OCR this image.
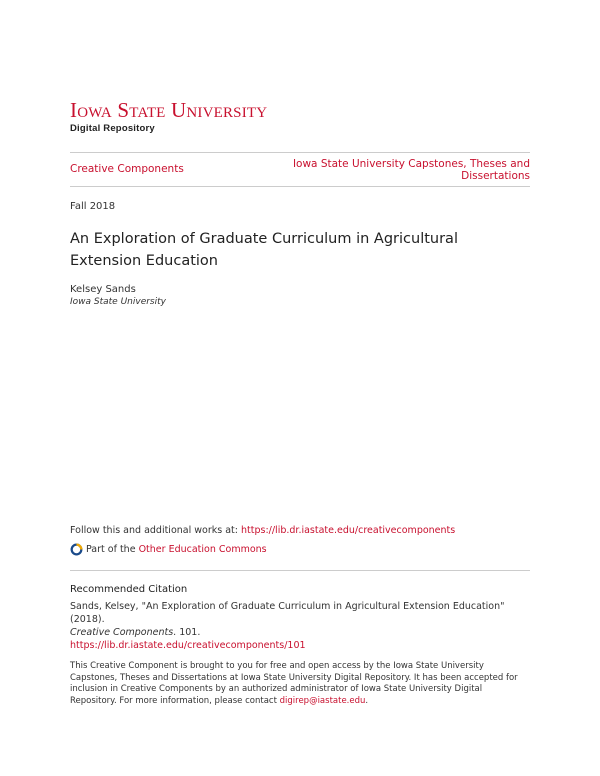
Iowa State University
Digital Repository
Creative Components	Iowa State University Capstones, Theses and Dissertations
Fall 2018
An Exploration of Graduate Curriculum in Agricultural Extension Education
Kelsey Sands
Iowa State University
Follow this and additional works at: https://lib.dr.iastate.edu/creativecomponents
Part of the
Other Education Commons
Recommended Citation
Sands, Kelsey, "An Exploration of Graduate Curriculum in Agricultural Extension Education" (2018).
Creative Components. 101.
https://lib.dr.iastate.edu/creativecomponents/101
This Creative Component is brought to you for free and open access by the Iowa State University Capstones, Theses and Dissertations at Iowa State University Digital Repository. It has been accepted for inclusion in Creative Components by an authorized administrator of Iowa State University Digital Repository. For more information, please contact digirep@iastate.edu.
